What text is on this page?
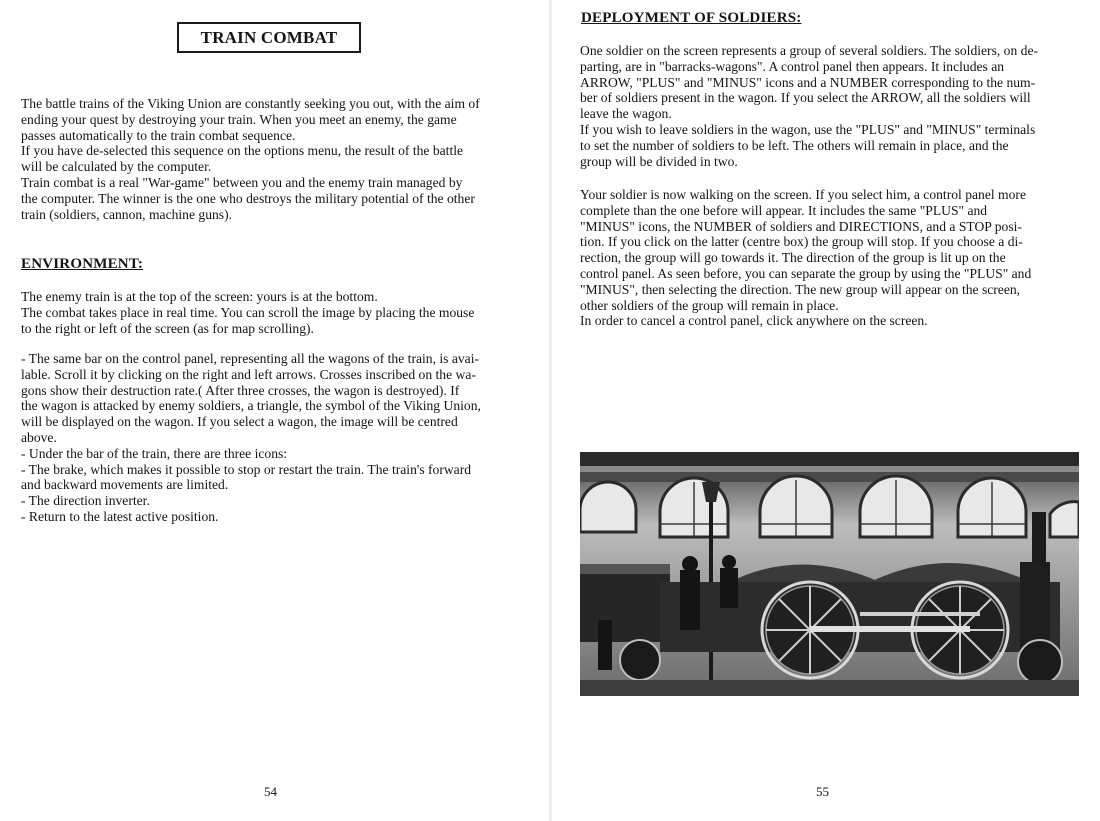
TRAIN COMBAT
The battle trains of the Viking Union are constantly seeking you out, with the aim of
ending your quest by destroying your train. When you meet an enemy, the game
passes automatically to the train combat sequence.
If you have de-selected this sequence on the options menu, the result of the battle
will be calculated by the computer.
Train combat is a real "War-game" between you and the enemy train managed by
the computer. The winner is the one who destroys the military potential of the other
train (soldiers, cannon, machine guns).
ENVIRONMENT:
The enemy train is at the top of the screen: yours is at the bottom.
The combat takes place in real time. You can scroll the image by placing the mouse
to the right or left of the screen (as for map scrolling).
- The same bar on the control panel, representing all the wagons of the train, is avai-
lable. Scroll it by clicking on the right and left arrows. Crosses inscribed on the wa-
gons show their destruction rate.( After three crosses, the wagon is destroyed). If
the wagon is attacked by enemy soldiers, a triangle, the symbol of the Viking Union,
will be displayed on the wagon. If you select a wagon, the image will be centred
above.
- Under the bar of the train, there are three icons:
- The brake, which makes it possible to stop or restart the train. The train's forward
and backward movements are limited.
- The direction inverter.
- Return to the latest active position.
54	55
DEPLOYMENT OF SOLDIERS:
One soldier on the screen represents a group of several soldiers. The soldiers, on de-
parting, are in "barracks-wagons". A control panel then appears. It includes an
ARROW, "PLUS" and "MINUS" icons and a NUMBER corresponding to the num-
ber of soldiers present in the wagon. If you select the ARROW, all the soldiers will
leave the wagon.
If you wish to leave soldiers in the wagon, use the "PLUS" and "MINUS" terminals
to set the number of soldiers to be left. The others will remain in place, and the
group will be divided in two.
Your soldier is now walking on the screen. If you select him, a control panel more
complete than the one before will appear. It includes the same "PLUS" and
"MINUS" icons, the NUMBER of soldiers and DIRECTIONS, and a STOP posi-
tion. If you click on the latter (centre box) the group will stop. If you choose a di-
rection, the group will go towards it. The direction of the group is lit up on the
control panel. As seen before, you can separate the group by using the "PLUS" and
"MINUS", then selecting the direction. The new group will appear on the screen,
other soldiers of the group will remain in place.
In order to cancel a control panel, click anywhere on the screen.
